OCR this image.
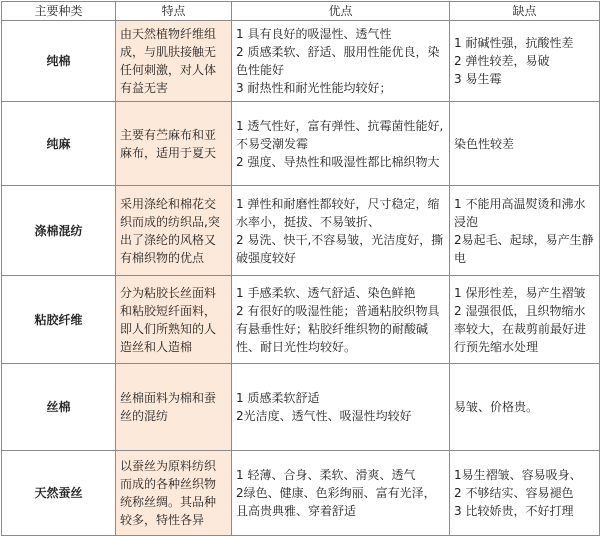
主要种类	特点	优点	缺点
纯棉	由天然植物纤维组成，与肌肤接触无任何刺激，对人体有益无害	1 具有良好的吸湿性、透气性
2 质感柔软、舒适、服用性能优良，染色性能好
3 耐热性和耐光性能均较好；	1 耐碱性强，抗酸性差
2 弹性较差，易破
3 易生霉

纯麻	主要有苎麻布和亚麻布，适用于夏天	1 透气性好，富有弹性、抗霉菌性能好,不易受潮发霉
2 强度、导热性和吸湿性都比棉织物大	染色性较差

涤棉混纺	采用涤纶和棉花交织而成的纺织品,突出了涤纶的风格又有棉织物的优点	1 弹性和耐磨性都较好，尺寸稳定，缩水率小，挺拔、不易皱折、
2 易洗、快干,不容易皱，光洁度好，撕破强度较好	1 不能用高温熨烫和沸水浸泡
2易起毛、起球，易产生静电

粘胶纤维	分为粘胶长丝面料和粘胶短纤面料，即人们所熟知的人造丝和人造棉	1 手感柔软、透气舒适、染色鲜艳
2 有很好的吸湿性能；普通粘胶织物具有悬垂性好；粘胶纤维织物的耐酸碱性、耐日光性均较好。	1 保形性差，易产生褶皱
2 湿强很低，且织物缩水率较大，在裁剪前最好进行预先缩水处理

丝棉	丝棉面料为棉和蚕丝的混纺	1 质感柔软舒适
2光洁度、透气性、吸湿性均较好	易皱、价格贵。

天然蚕丝	以蚕丝为原料纺织而成的各种丝织物统称丝绸。其品种较多，特性各异	1 轻薄、合身、柔软、滑爽、透气
2绿色、健康、色彩绚丽、富有光泽，且高贵典雅、穿着舒适	1易生褶皱、容易吸身、
2 不够结实、容易褪色
3 比较娇贵，不好打理
